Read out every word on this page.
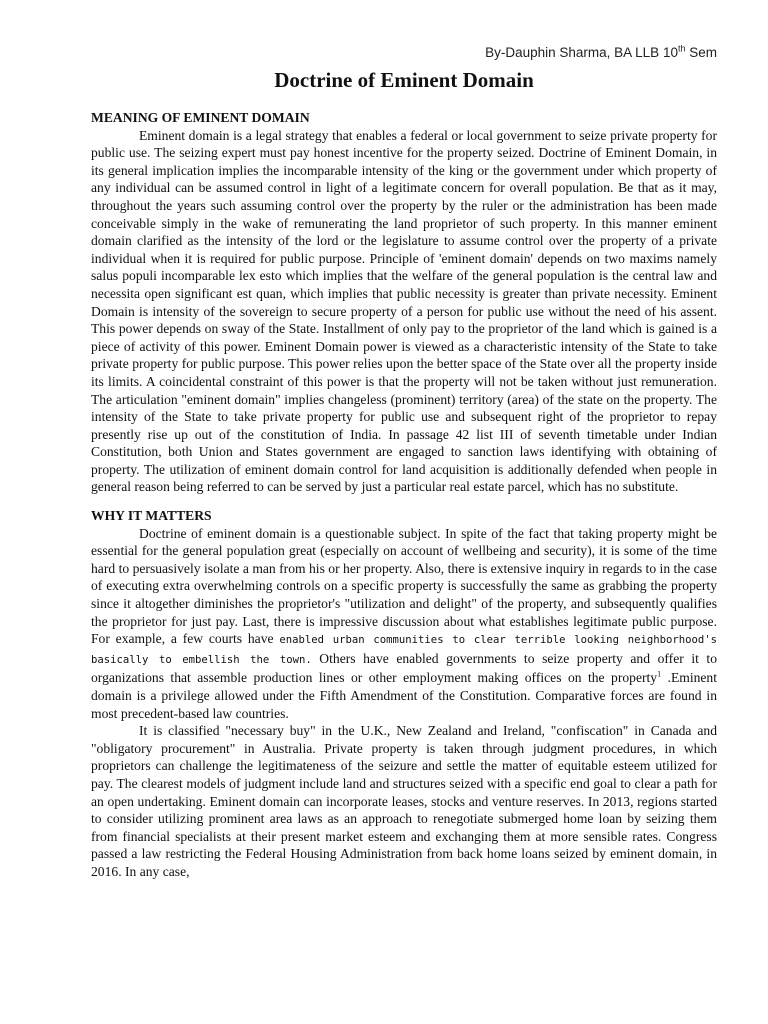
By-Dauphin Sharma, BA LLB 10th Sem
Doctrine of Eminent Domain
MEANING OF EMINENT DOMAIN

Eminent domain is a legal strategy that enables a federal or local government to seize private property for public use. The seizing expert must pay honest incentive for the property seized. Doctrine of Eminent Domain, in its general implication implies the incomparable intensity of the king or the government under which property of any individual can be assumed control in light of a legitimate concern for overall population. Be that as it may, throughout the years such assuming control over the property by the ruler or the administration has been made conceivable simply in the wake of remunerating the land proprietor of such property. In this manner eminent domain clarified as the intensity of the lord or the legislature to assume control over the property of a private individual when it is required for public purpose. Principle of 'eminent domain' depends on two maxims namely salus populi incomparable lex esto which implies that the welfare of the general population is the central law and necessita open significant est quan, which implies that public necessity is greater than private necessity. Eminent Domain is intensity of the sovereign to secure property of a person for public use without the need of his assent. This power depends on sway of the State. Installment of only pay to the proprietor of the land which is gained is a piece of activity of this power. Eminent Domain power is viewed as a characteristic intensity of the State to take private property for public purpose. This power relies upon the better space of the State over all the property inside its limits. A coincidental constraint of this power is that the property will not be taken without just remuneration. The articulation "eminent domain" implies changeless (prominent) territory (area) of the state on the property. The intensity of the State to take private property for public use and subsequent right of the proprietor to repay presently rise up out of the constitution of India. In passage 42 list III of seventh timetable under Indian Constitution, both Union and States government are engaged to sanction laws identifying with obtaining of property. The utilization of eminent domain control for land acquisition is additionally defended when people in general reason being referred to can be served by just a particular real estate parcel, which has no substitute.

WHY IT MATTERS

Doctrine of eminent domain is a questionable subject. In spite of the fact that taking property might be essential for the general population great (especially on account of wellbeing and security), it is some of the time hard to persuasively isolate a man from his or her property. Also, there is extensive inquiry in regards to in the case of executing extra overwhelming controls on a specific property is successfully the same as grabbing the property since it altogether diminishes the proprietor's "utilization and delight" of the property, and subsequently qualifies the proprietor for just pay. Last, there is impressive discussion about what establishes legitimate public purpose. For example, a few courts have enabled urban communities to clear terrible looking neighborhood's basically to embellish the town. Others have enabled governments to seize property and offer it to organizations that assemble production lines or other employment making offices on the property$^1$ .Eminent domain is a privilege allowed under the Fifth Amendment of the Constitution. Comparative forces are found in most precedent-based law countries.

It is classified "necessary buy" in the U.K., New Zealand and Ireland, "confiscation" in Canada and "obligatory procurement" in Australia. Private property is taken through judgment procedures, in which proprietors can challenge the legitimateness of the seizure and settle the matter of equitable esteem utilized for pay. The clearest models of judgment include land and structures seized with a specific end goal to clear a path for an open undertaking. Eminent domain can incorporate leases, stocks and venture reserves. In 2013, regions started to consider utilizing prominent area laws as an approach to renegotiate submerged home loan by seizing them from financial specialists at their present market esteem and exchanging them at more sensible rates. Congress passed a law restricting the Federal Housing Administration from back home loans seized by eminent domain, in 2016. In any case,
